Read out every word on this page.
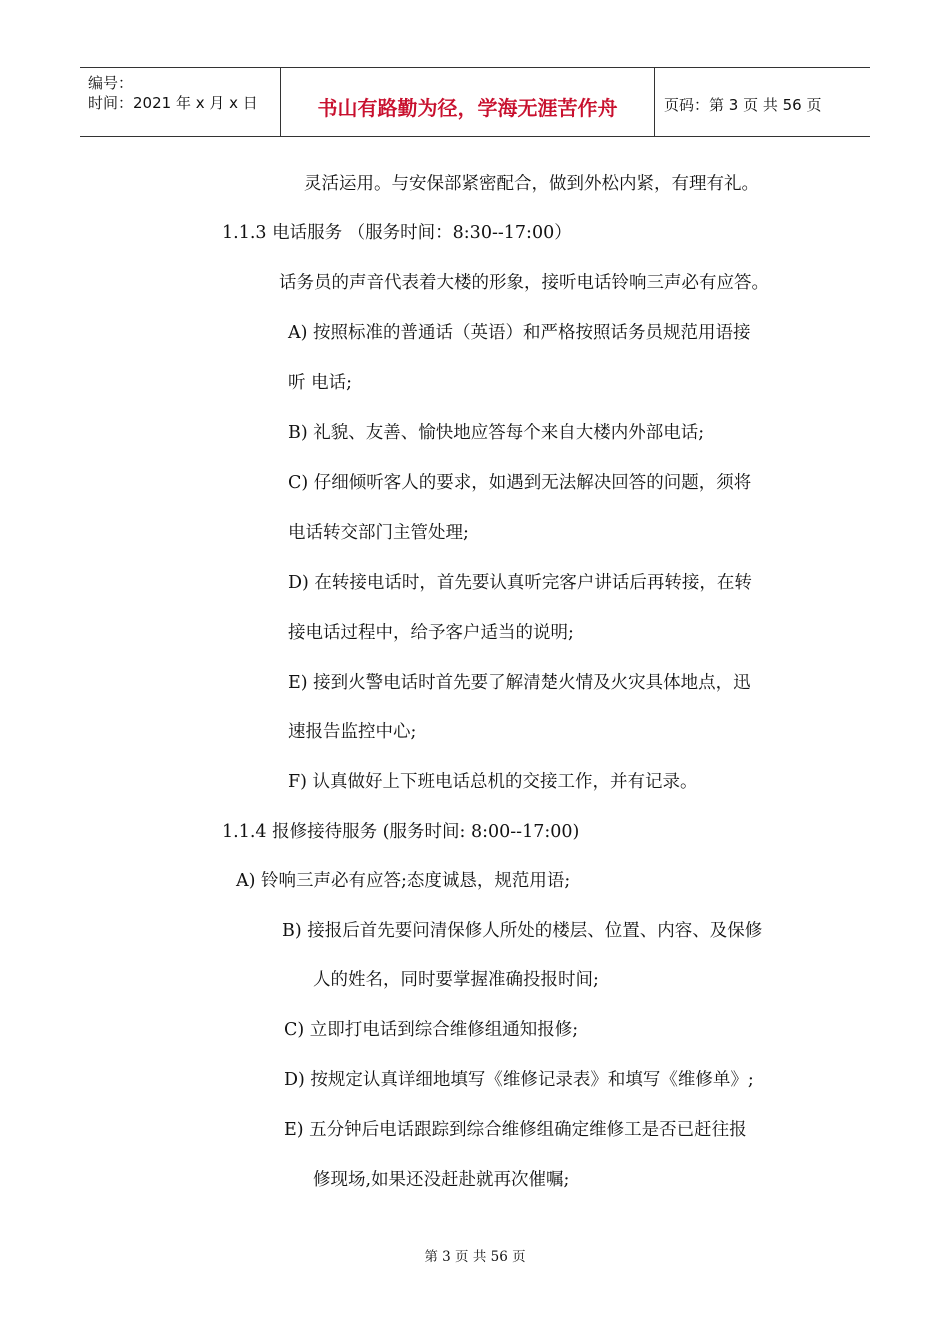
编号：
时间：2021 年 x 月 x 日	书山有路勤为径，学海无涯苦作舟	页码：第 3 页 共 56 页
灵活运用。与安保部紧密配合，做到外松内紧，有理有礼。
1.1.3 电话服务 （服务时间：8:30--17:00）
话务员的声音代表着大楼的形象，接听电话铃响三声必有应答。
A) 按照标准的普通话（英语）和严格按照话务员规范用语接
听 电话;
B) 礼貌、友善、愉快地应答每个来自大楼内外部电话;
C) 仔细倾听客人的要求，如遇到无法解决回答的问题，须将
电话转交部门主管处理;
D) 在转接电话时，首先要认真听完客户讲话后再转接，在转
接电话过程中，给予客户适当的说明;
E) 接到火警电话时首先要了解清楚火情及火灾具体地点，迅
速报告监控中心;
F) 认真做好上下班电话总机的交接工作，并有记录。
1.1.4 报修接待服务 (服务时间: 8:00--17:00)
A) 铃响三声必有应答;态度诚恳，规范用语;
B) 接报后首先要问清保修人所处的楼层、位置、内容、及保修
人的姓名，同时要掌握准确投报时间;
C) 立即打电话到综合维修组通知报修;
D) 按规定认真详细地填写《维修记录表》和填写《维修单》;
E) 五分钟后电话跟踪到综合维修组确定维修工是否已赶往报
修现场,如果还没赶赴就再次催嘱;
第 3 页 共 56 页
